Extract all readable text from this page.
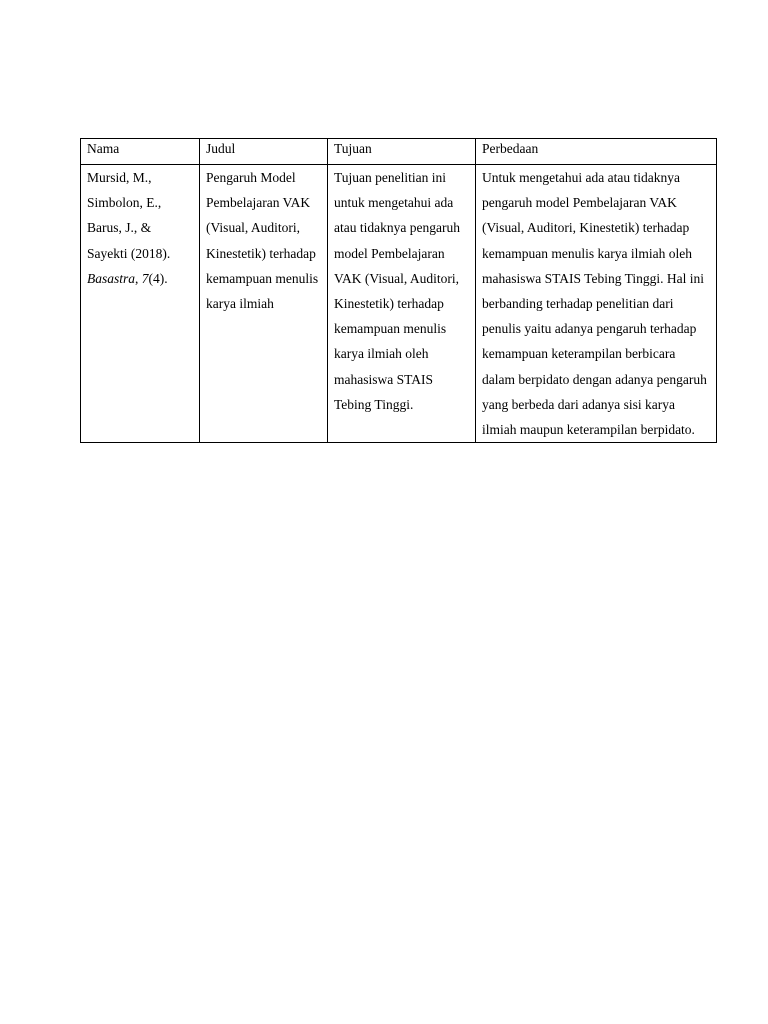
Nama	Judul	Tujuan	Perbedaan
Mursid, M., Simbolon, E., Barus, J., & Sayekti (2018). Basastra, 7(4).	Pengaruh Model Pembelajaran VAK (Visual, Auditori, Kinestetik) terhadap kemampuan menulis karya ilmiah	Tujuan penelitian ini untuk mengetahui ada atau tidaknya pengaruh model Pembelajaran VAK (Visual, Auditori, Kinestetik) terhadap kemampuan menulis karya ilmiah oleh mahasiswa STAIS Tebing Tinggi.	Untuk mengetahui ada atau tidaknya pengaruh model Pembelajaran VAK (Visual, Auditori, Kinestetik) terhadap kemampuan menulis karya ilmiah oleh mahasiswa STAIS Tebing Tinggi. Hal ini berbanding terhadap penelitian dari penulis yaitu adanya pengaruh terhadap kemampuan keterampilan berbicara dalam berpidato dengan adanya pengaruh yang berbeda dari adanya sisi karya ilmiah maupun keterampilan berpidato.
